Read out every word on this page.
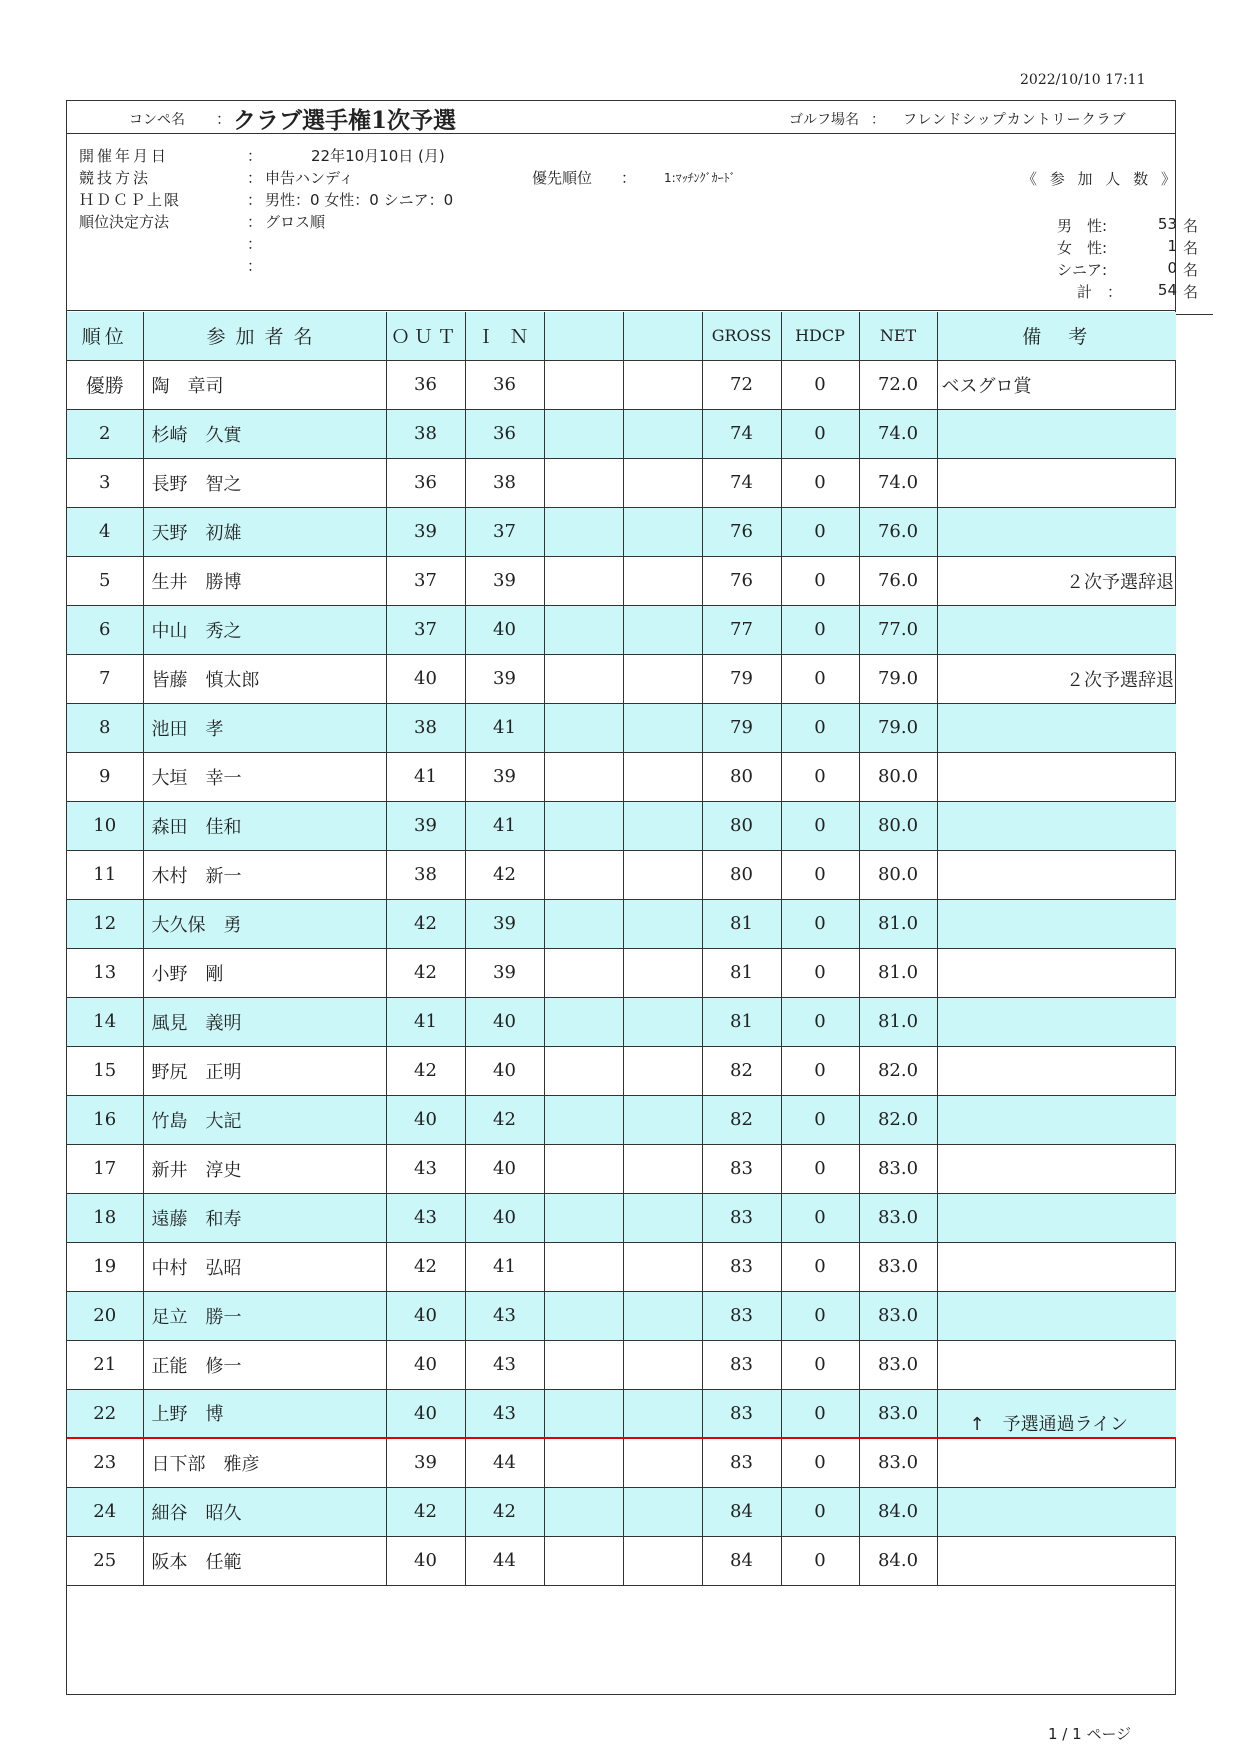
2022/10/10 17:11
コンペ名 ： クラブ選手権1次予選	ゴルフ場名 ： フレンドシップカントリークラブ
開催年月日	：	22年10月10日 (月)
競技方法	： 申告ハンディ	優先順位 ： 1:ﾏｯﾁﾝｸﾞｶｰﾄﾞ
ＨＤＣＰ上限	： 男性：0 女性：0 シニア：0
順位決定方法	： グロス順
：
：
《 参 加 人 数 》
男　性:	53 名
女　性:	1 名
シニア:	0 名
計　：	54 名
順位	参加者名	ＯＵＴ	Ｉ Ｎ			GROSS	HDCP	NET	備　考
優勝	陶　章司	36	36			72	0	72.0	ベスグロ賞
2	杉崎　久實	38	36			74	0	74.0	
3	長野　智之	36	38			74	0	74.0	
4	天野　初雄	39	37			76	0	76.0	
5	生井　勝博	37	39			76	0	76.0	２次予選辞退
6	中山　秀之	37	40			77	0	77.0	
7	皆藤　慎太郎	40	39			79	0	79.0	２次予選辞退
8	池田　孝	38	41			79	0	79.0	
9	大垣　幸一	41	39			80	0	80.0	
10	森田　佳和	39	41			80	0	80.0	
11	木村　新一	38	42			80	0	80.0	
12	大久保　勇	42	39			81	0	81.0	
13	小野　剛	42	39			81	0	81.0	
14	風見　義明	41	40			81	0	81.0	
15	野尻　正明	42	40			82	0	82.0	
16	竹島　大記	40	42			82	0	82.0	
17	新井　淳史	43	40			83	0	83.0	
18	遠藤　和寿	43	40			83	0	83.0	
19	中村　弘昭	42	41			83	0	83.0	
20	足立　勝一	40	43			83	0	83.0	
21	正能　修一	40	43			83	0	83.0	
22	上野　博	40	43			83	0	83.0	↑　予選通過ライン
23	日下部　雅彦	39	44			83	0	83.0	
24	細谷　昭久	42	42			84	0	84.0	
25	阪本　任範	40	44			84	0	84.0	

1 / 1 ページ
